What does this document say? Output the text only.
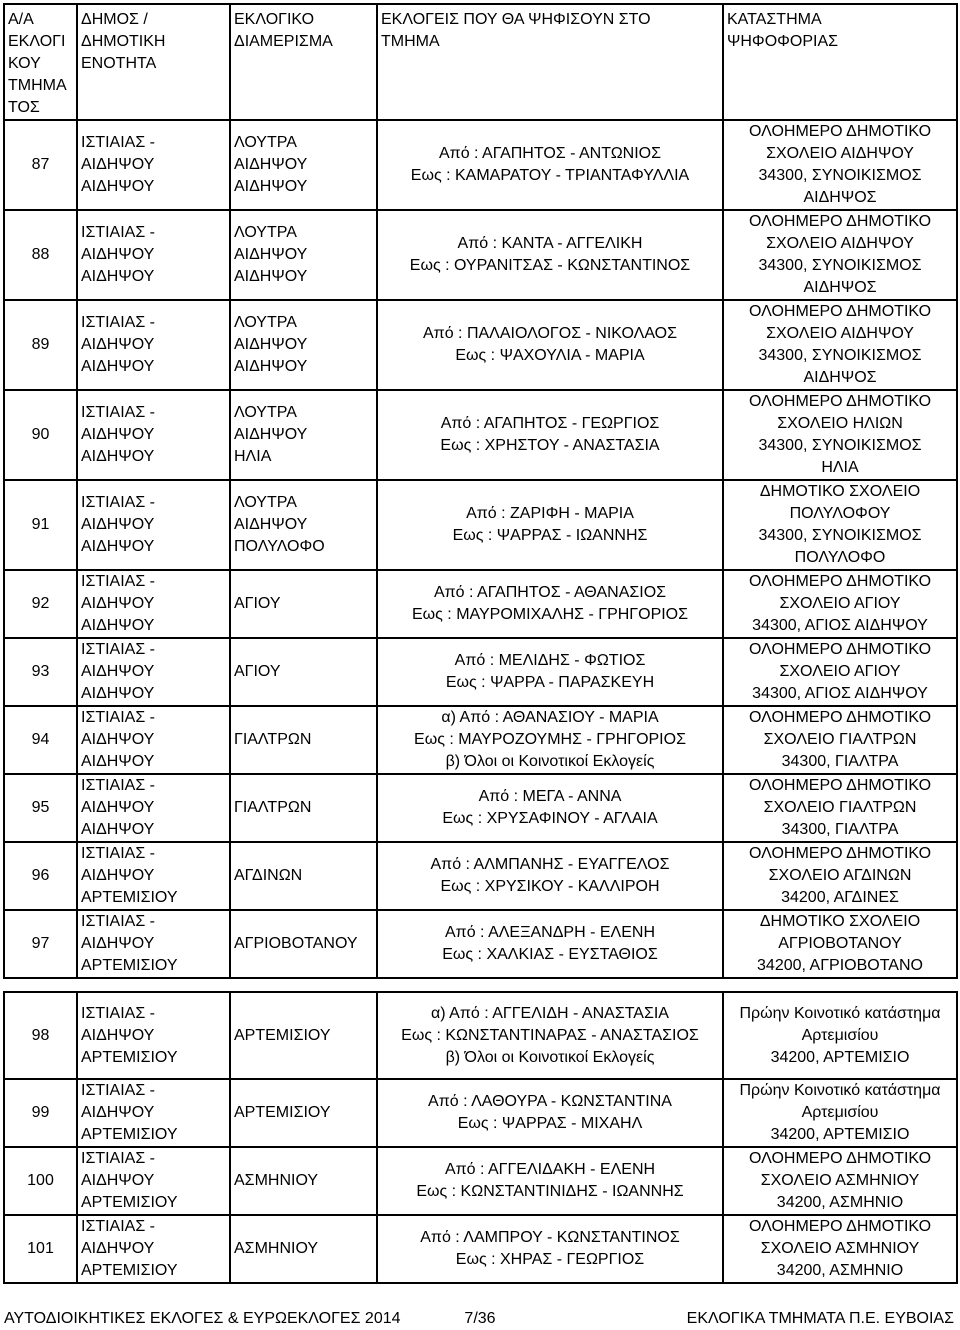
Α/Α
ΕΚΛΟΓΙ
ΚΟΥ
ΤΜΗΜΑ
ΤΟΣ	ΔΗΜΟΣ /
ΔΗΜΟΤΙΚΗ
ΕΝΟΤΗΤΑ	ΕΚΛΟΓΙΚΟ
ΔΙΑΜΕΡΙΣΜΑ	ΕΚΛΟΓΕΙΣ ΠΟΥ ΘΑ ΨΗΦΙΣΟΥΝ ΣΤΟ
ΤΜΗΜΑ	ΚΑΤΑΣΤΗΜΑ
ΨΗΦΟΦΟΡΙΑΣ
87	ΙΣΤΙΑΙΑΣ -
ΑΙΔΗΨΟΥ
ΑΙΔΗΨΟΥ	ΛΟΥΤΡΑ
ΑΙΔΗΨΟΥ
ΑΙΔΗΨΟΥ	Από : ΑΓΑΠΗΤΟΣ - ΑΝΤΩΝΙΟΣ
Εως : ΚΑΜΑΡΑΤΟΥ - ΤΡΙΑΝΤΑΦΥΛΛΙΑ	ΟΛΟΗΜΕΡΟ ΔΗΜΟΤΙΚΟ
ΣΧΟΛΕΙΟ ΑΙΔΗΨΟΥ
34300, ΣΥΝΟΙΚΙΣΜΟΣ
ΑΙΔΗΨΟΣ
88	ΙΣΤΙΑΙΑΣ -
ΑΙΔΗΨΟΥ
ΑΙΔΗΨΟΥ	ΛΟΥΤΡΑ
ΑΙΔΗΨΟΥ
ΑΙΔΗΨΟΥ	Από : ΚΑΝΤΑ - ΑΓΓΕΛΙΚΗ
Εως : ΟΥΡΑΝΙΤΣΑΣ - ΚΩΝΣΤΑΝΤΙΝΟΣ	ΟΛΟΗΜΕΡΟ ΔΗΜΟΤΙΚΟ
ΣΧΟΛΕΙΟ ΑΙΔΗΨΟΥ
34300, ΣΥΝΟΙΚΙΣΜΟΣ
ΑΙΔΗΨΟΣ
89	ΙΣΤΙΑΙΑΣ -
ΑΙΔΗΨΟΥ
ΑΙΔΗΨΟΥ	ΛΟΥΤΡΑ
ΑΙΔΗΨΟΥ
ΑΙΔΗΨΟΥ	Από : ΠΑΛΑΙΟΛΟΓΟΣ - ΝΙΚΟΛΑΟΣ
Εως : ΨΑΧΟΥΛΙΑ - ΜΑΡΙΑ	ΟΛΟΗΜΕΡΟ ΔΗΜΟΤΙΚΟ
ΣΧΟΛΕΙΟ ΑΙΔΗΨΟΥ
34300, ΣΥΝΟΙΚΙΣΜΟΣ
ΑΙΔΗΨΟΣ
90	ΙΣΤΙΑΙΑΣ -
ΑΙΔΗΨΟΥ
ΑΙΔΗΨΟΥ	ΛΟΥΤΡΑ
ΑΙΔΗΨΟΥ
ΗΛΙΑ	Από : ΑΓΑΠΗΤΟΣ - ΓΕΩΡΓΙΟΣ
Εως : ΧΡΗΣΤΟΥ - ΑΝΑΣΤΑΣΙΑ	ΟΛΟΗΜΕΡΟ ΔΗΜΟΤΙΚΟ
ΣΧΟΛΕΙΟ ΗΛΙΩΝ
34300, ΣΥΝΟΙΚΙΣΜΟΣ
ΗΛΙΑ
91	ΙΣΤΙΑΙΑΣ -
ΑΙΔΗΨΟΥ
ΑΙΔΗΨΟΥ	ΛΟΥΤΡΑ
ΑΙΔΗΨΟΥ
ΠΟΛΥΛΟΦΟ	Από : ΖΑΡΙΦΗ - ΜΑΡΙΑ
Εως : ΨΑΡΡΑΣ - ΙΩΑΝΝΗΣ	ΔΗΜΟΤΙΚΟ ΣΧΟΛΕΙΟ
ΠΟΛΥΛΟΦΟΥ
34300, ΣΥΝΟΙΚΙΣΜΟΣ
ΠΟΛΥΛΟΦΟ
92	ΙΣΤΙΑΙΑΣ -
ΑΙΔΗΨΟΥ
ΑΙΔΗΨΟΥ	ΑΓΙΟΥ	Από : ΑΓΑΠΗΤΟΣ - ΑΘΑΝΑΣΙΟΣ
Εως : ΜΑΥΡΟΜΙΧΑΛΗΣ - ΓΡΗΓΟΡΙΟΣ	ΟΛΟΗΜΕΡΟ ΔΗΜΟΤΙΚΟ
ΣΧΟΛΕΙΟ ΑΓΙΟΥ
34300, ΑΓΙΟΣ ΑΙΔΗΨΟΥ
93	ΙΣΤΙΑΙΑΣ -
ΑΙΔΗΨΟΥ
ΑΙΔΗΨΟΥ	ΑΓΙΟΥ	Από : ΜΕΛΙΔΗΣ - ΦΩΤΙΟΣ
Εως : ΨΑΡΡΑ - ΠΑΡΑΣΚΕΥΗ	ΟΛΟΗΜΕΡΟ ΔΗΜΟΤΙΚΟ
ΣΧΟΛΕΙΟ ΑΓΙΟΥ
34300, ΑΓΙΟΣ ΑΙΔΗΨΟΥ
94	ΙΣΤΙΑΙΑΣ -
ΑΙΔΗΨΟΥ
ΑΙΔΗΨΟΥ	ΓΙΑΛΤΡΩΝ	α) Από : ΑΘΑΝΑΣΙΟΥ - ΜΑΡΙΑ
Εως : ΜΑΥΡΟΖΟΥΜΗΣ - ΓΡΗΓΟΡΙΟΣ
β) Όλοι οι Κοινοτικοί Εκλογείς	ΟΛΟΗΜΕΡΟ ΔΗΜΟΤΙΚΟ
ΣΧΟΛΕΙΟ ΓΙΑΛΤΡΩΝ
34300, ΓΙΑΛΤΡΑ
95	ΙΣΤΙΑΙΑΣ -
ΑΙΔΗΨΟΥ
ΑΙΔΗΨΟΥ	ΓΙΑΛΤΡΩΝ	Από : ΜΕΓΑ - ΑΝΝΑ
Εως : ΧΡΥΣΑΦΙΝΟΥ - ΑΓΛΑΙΑ	ΟΛΟΗΜΕΡΟ ΔΗΜΟΤΙΚΟ
ΣΧΟΛΕΙΟ ΓΙΑΛΤΡΩΝ
34300, ΓΙΑΛΤΡΑ
96	ΙΣΤΙΑΙΑΣ -
ΑΙΔΗΨΟΥ
ΑΡΤΕΜΙΣΙΟΥ	ΑΓΔΙΝΩΝ	Από : ΑΛΜΠΑΝΗΣ - ΕΥΑΓΓΕΛΟΣ
Εως : ΧΡΥΣΙΚΟΥ - ΚΑΛΛΙΡΟΗ	ΟΛΟΗΜΕΡΟ ΔΗΜΟΤΙΚΟ
ΣΧΟΛΕΙΟ ΑΓΔΙΝΩΝ
34200, ΑΓΔΙΝΕΣ
97	ΙΣΤΙΑΙΑΣ -
ΑΙΔΗΨΟΥ
ΑΡΤΕΜΙΣΙΟΥ	ΑΓΡΙΟΒΟΤΑΝΟΥ	Από : ΑΛΕΞΑΝΔΡΗ - ΕΛΕΝΗ
Εως : ΧΑΛΚΙΑΣ - ΕΥΣΤΑΘΙΟΣ	ΔΗΜΟΤΙΚΟ ΣΧΟΛΕΙΟ
ΑΓΡΙΟΒΟΤΑΝΟΥ
34200, ΑΓΡΙΟΒΟΤΑΝΟ

98	ΙΣΤΙΑΙΑΣ -
ΑΙΔΗΨΟΥ
ΑΡΤΕΜΙΣΙΟΥ	ΑΡΤΕΜΙΣΙΟΥ	α) Από : ΑΓΓΕΛΙΔΗ - ΑΝΑΣΤΑΣΙΑ
Εως : ΚΩΝΣΤΑΝΤΙΝΑΡΑΣ - ΑΝΑΣΤΑΣΙΟΣ
β) Όλοι οι Κοινοτικοί Εκλογείς	Πρώην Κοινοτικό κατάστημα
Αρτεμισίου
34200, ΑΡΤΕΜΙΣΙΟ
99	ΙΣΤΙΑΙΑΣ -
ΑΙΔΗΨΟΥ
ΑΡΤΕΜΙΣΙΟΥ	ΑΡΤΕΜΙΣΙΟΥ	Από : ΛΑΘΟΥΡΑ - ΚΩΝΣΤΑΝΤΙΝΑ
Εως : ΨΑΡΡΑΣ - ΜΙΧΑΗΛ	Πρώην Κοινοτικό κατάστημα
Αρτεμισίου
34200, ΑΡΤΕΜΙΣΙΟ
100	ΙΣΤΙΑΙΑΣ -
ΑΙΔΗΨΟΥ
ΑΡΤΕΜΙΣΙΟΥ	ΑΣΜΗΝΙΟΥ	Από : ΑΓΓΕΛΙΔΑΚΗ - ΕΛΕΝΗ
Εως : ΚΩΝΣΤΑΝΤΙΝΙΔΗΣ - ΙΩΑΝΝΗΣ	ΟΛΟΗΜΕΡΟ ΔΗΜΟΤΙΚΟ
ΣΧΟΛΕΙΟ ΑΣΜΗΝΙΟΥ
34200, ΑΣΜΗΝΙΟ
101	ΙΣΤΙΑΙΑΣ -
ΑΙΔΗΨΟΥ
ΑΡΤΕΜΙΣΙΟΥ	ΑΣΜΗΝΙΟΥ	Από : ΛΑΜΠΡΟΥ - ΚΩΝΣΤΑΝΤΙΝΟΣ
Εως : ΧΗΡΑΣ - ΓΕΩΡΓΙΟΣ	ΟΛΟΗΜΕΡΟ ΔΗΜΟΤΙΚΟ
ΣΧΟΛΕΙΟ ΑΣΜΗΝΙΟΥ
34200, ΑΣΜΗΝΙΟ
ΑΥΤΟΔΙΟΙΚΗΤΙΚΕΣ ΕΚΛΟΓΕΣ & ΕΥΡΩΕΚΛΟΓΕΣ 2014	7/36	ΕΚΛΟΓΙΚΑ ΤΜΗΜΑΤΑ Π.Ε. ΕΥΒΟΙΑΣ
